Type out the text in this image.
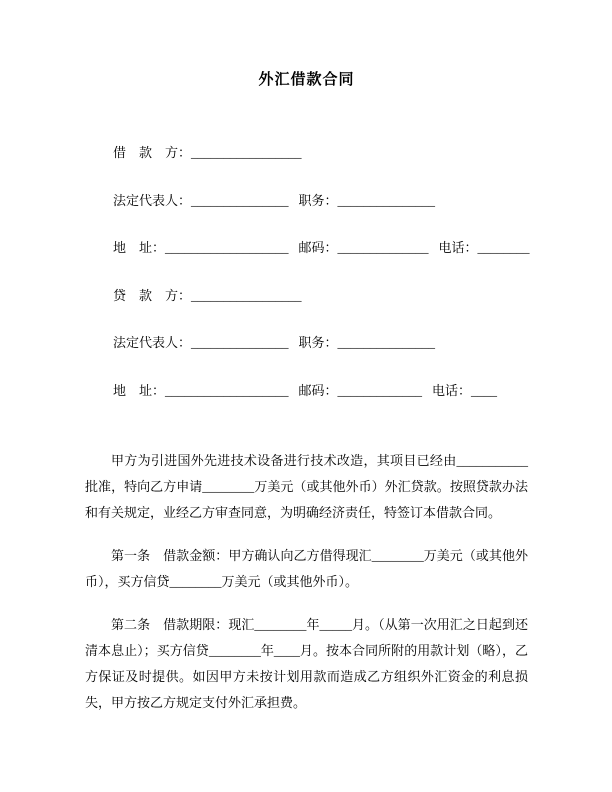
外汇借款合同
借　款　方：_________________
法定代表人：_______________ 职务：_______________
地　址：___________________ 邮码：______________ 电话：________
贷　款　方：_________________
法定代表人：_______________ 职务：_______________
地　址：___________________ 邮码：_____________ 电话：____

甲方为引进国外先进技术设备进行技术改造，其项目已经由___________批准，特向乙方申请________万美元（或其他外币）外汇贷款。按照贷款办法和有关规定，业经乙方审查同意，为明确经济责任，特签订本借款合同。

第一条　借款金额：甲方确认向乙方借得现汇________万美元（或其他外币），买方信贷________万美元（或其他外币）。

第二条　借款期限：现汇________年_____月。（从第一次用汇之日起到还清本息止）；买方信贷________年____月。按本合同所附的用款计划（略），乙方保证及时提供。如因甲方未按计划用款而造成乙方组织外汇资金的利息损失，甲方按乙方规定支付外汇承担费。
